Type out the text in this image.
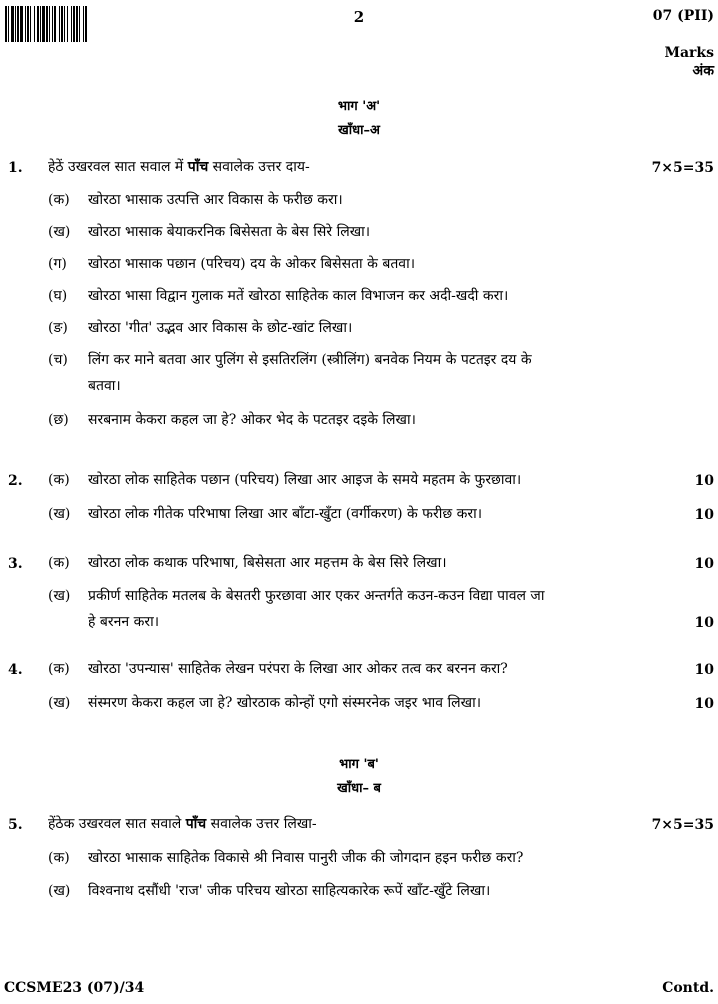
2	07 (PII)
Marks
अंक
भाग 'अ'
खाँधा–अ
1. हेठें उखरवल सात सवाल में पाँच सवालेक उत्तर दाय-	7×5=35
(क) खोरठा भासाक उत्पत्ति आर विकास के फरीछ करा।
(ख) खोरठा भासाक बेयाकरनिक बिसेसता के बेस सिरे लिखा।
(ग) खोरठा भासाक पछान (परिचय) दय के ओकर बिसेसता के बतवा।
(घ) खोरठा भासा विद्वान गुलाक मतें खोरठा साहितेक काल विभाजन कर अदी-खदी करा।
(ङ) खोरठा 'गीत' उद्भव आर विकास के छोट-खांट लिखा।
(च) लिंग कर माने बतवा आर पुलिंग से इसतिरलिंग (स्त्रीलिंग) बनवेक नियम के पटतइर दय के
बतवा।
(छ) सरबनाम केकरा कहल जा हे? ओकर भेद के पटतइर दइके लिखा।
2. (क) खोरठा लोक साहितेक पछान (परिचय) लिखा आर आइज के समये महतम के फुरछावा।	10
(ख) खोरठा लोक गीतेक परिभाषा लिखा आर बाँटा-खुँटा (वर्गीकरण) के फरीछ करा।	10
3. (क) खोरठा लोक कथाक परिभाषा, बिसेसता आर महत्तम के बेस सिरे लिखा।	10
(ख) प्रकीर्ण साहितेक मतलब के बेसतरी फुरछावा आर एकर अन्तर्गते कउन-कउन विद्या पावल जा
हे बरनन करा।	10
4. (क) खोरठा 'उपन्यास' साहितेक लेखन परंपरा के लिखा आर ओकर तत्व कर बरनन करा?	10
(ख) संस्मरण केकरा कहल जा हे? खोरठाक कोन्हों एगो संस्मरनेक जइर भाव लिखा।	10
भाग 'ब'
खाँधा– ब
5. हेंठेक उखरवल सात सवाले पाँच सवालेक उत्तर लिखा-	7×5=35
(क) खोरठा भासाक साहितेक विकासे श्री निवास पानुरी जीक की जोगदान हइन फरीछ करा?
(ख) विश्वनाथ दसौंधी 'राज' जीक परिचय खोरठा साहित्यकारेक रूपें खाँट-खुँटे लिखा।
CCSME23 (07)/34	Contd.
